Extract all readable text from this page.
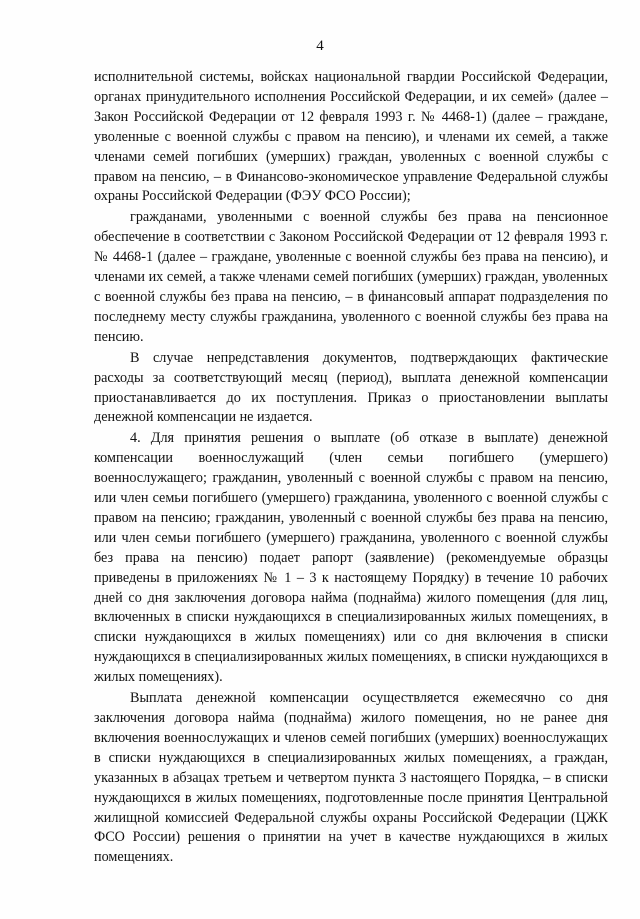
4

исполнительной системы, войсках национальной гвардии Российской Федерации, органах принудительного исполнения Российской Федерации, и их семей» (далее – Закон Российской Федерации от 12 февраля 1993 г. № 4468-1) (далее – граждане, уволенные с военной службы с правом на пенсию), и членами их семей, а также членами семей погибших (умерших) граждан, уволенных с военной службы с правом на пенсию, – в Финансово-экономическое управление Федеральной службы охраны Российской Федерации (ФЭУ ФСО России);

гражданами, уволенными с военной службы без права на пенсионное обеспечение в соответствии с Законом Российской Федерации от 12 февраля 1993 г. № 4468-1 (далее – граждане, уволенные с военной службы без права на пенсию), и членами их семей, а также членами семей погибших (умерших) граждан, уволенных с военной службы без права на пенсию, – в финансовый аппарат подразделения по последнему месту службы гражданина, уволенного с военной службы без права на пенсию.

В случае непредставления документов, подтверждающих фактические расходы за соответствующий месяц (период), выплата денежной компенсации приостанавливается до их поступления. Приказ о приостановлении выплаты денежной компенсации не издается.

4. Для принятия решения о выплате (об отказе в выплате) денежной компенсации военнослужащий (член семьи погибшего (умершего) военнослужащего; гражданин, уволенный с военной службы с правом на пенсию, или член семьи погибшего (умершего) гражданина, уволенного с военной службы с правом на пенсию; гражданин, уволенный с военной службы без права на пенсию, или член семьи погибшего (умершего) гражданина, уволенного с военной службы без права на пенсию) подает рапорт (заявление) (рекомендуемые образцы приведены в приложениях № 1 – 3 к настоящему Порядку) в течение 10 рабочих дней со дня заключения договора найма (поднайма) жилого помещения (для лиц, включенных в списки нуждающихся в специализированных жилых помещениях, в списки нуждающихся в жилых помещениях) или со дня включения в списки нуждающихся в специализированных жилых помещениях, в списки нуждающихся в жилых помещениях).

Выплата денежной компенсации осуществляется ежемесячно со дня заключения договора найма (поднайма) жилого помещения, но не ранее дня включения военнослужащих и членов семей погибших (умерших) военнослужащих в списки нуждающихся в специализированных жилых помещениях, а граждан, указанных в абзацах третьем и четвертом пункта 3 настоящего Порядка, – в списки нуждающихся в жилых помещениях, подготовленные после принятия Центральной жилищной комиссией Федеральной службы охраны Российской Федерации (ЦЖК ФСО России) решения о принятии на учет в качестве нуждающихся в жилых помещениях.
